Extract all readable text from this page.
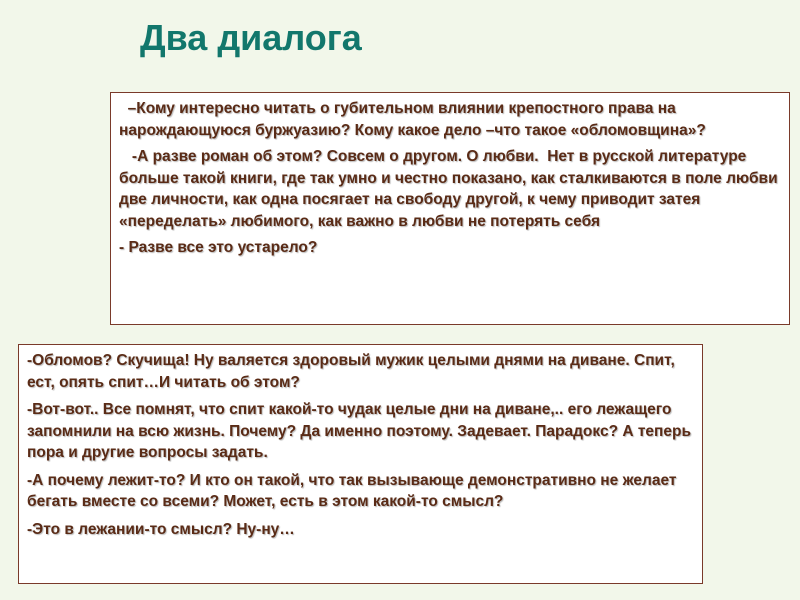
Два диалога

–Кому интересно читать о губительном влиянии крепостного права на нарождающуюся буржуазию? Кому какое дело –что такое «обломовщина»?

-А разве роман об этом? Совсем о другом. О любви.  Нет в русской литературе  больше такой книги, где так умно и честно показано, как сталкиваются в поле любви две личности, как одна посягает на свободу другой, к чему приводит затея «переделать» любимого, как важно в любви не потерять себя

- Разве все это устарело?

-Обломов? Скучища! Ну валяется здоровый мужик целыми днями на диване. Спит, ест, опять спит…И читать об этом?

-Вот-вот.. Все помнят, что спит какой-то чудак целые дни на диване,.. его лежащего запомнили на всю жизнь. Почему? Да именно поэтому. Задевает. Парадокс? А теперь пора и другие вопросы задать.

-А почему лежит-то? И кто он такой, что так вызывающе демонстративно не желает бегать вместе со всеми? Может, есть в этом какой-то смысл?

-Это в лежании-то смысл? Ну-ну…
